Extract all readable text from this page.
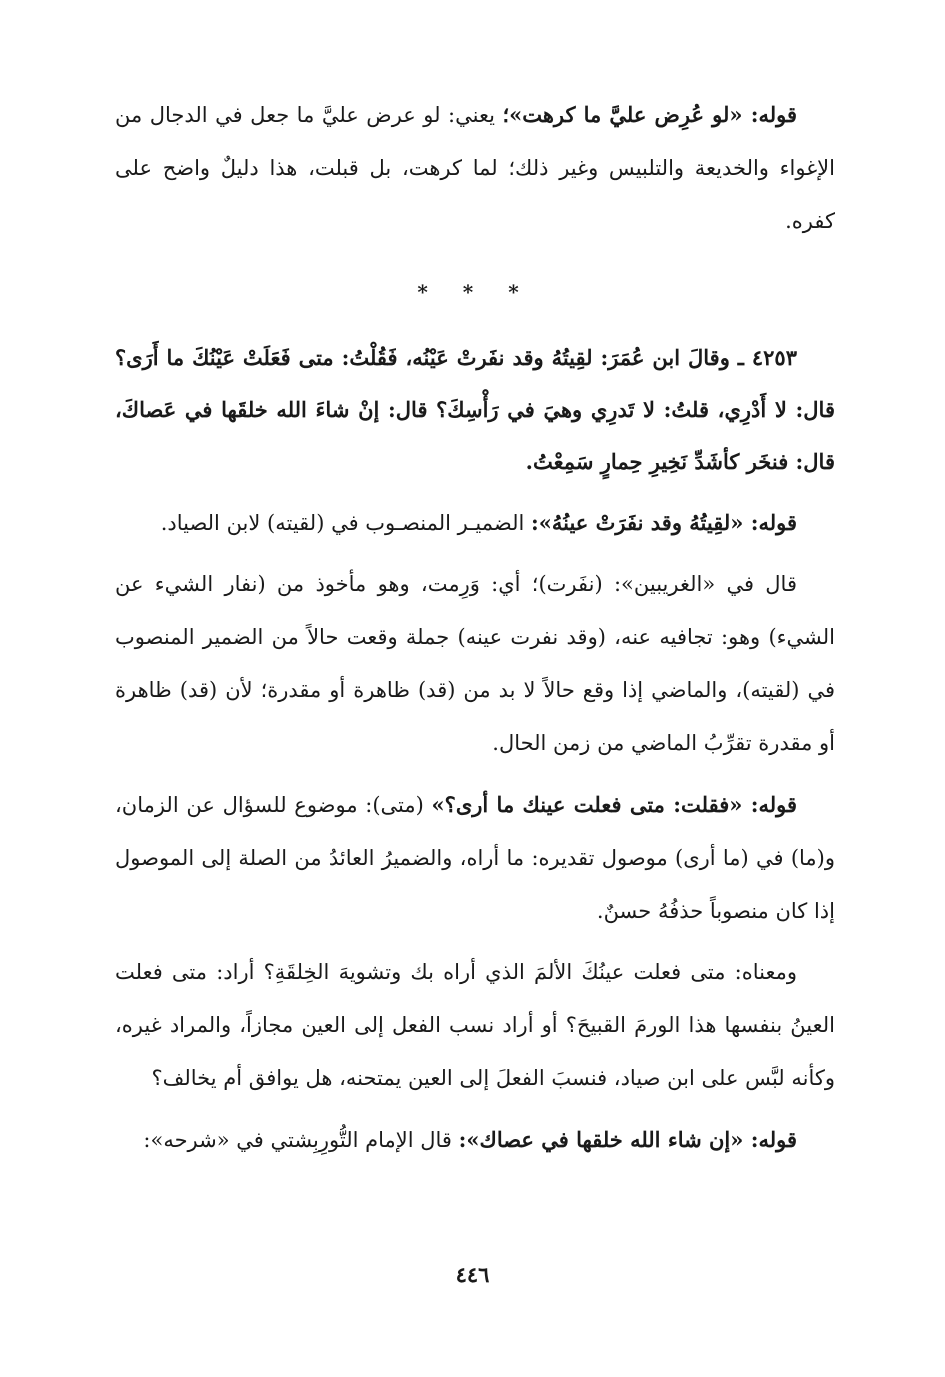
قوله: «لو عُرِض عليَّ ما كرهت»؛ يعني: لو عرض عليَّ ما جعل في الدجال من الإغواء والخديعة والتلبيس وغير ذلك؛ لما كرهت، بل قبلت، هذا دليلٌ واضح على كفره.

* * *

٤٢٥٣ ـ وقالَ ابن عُمَرَ: لقِيتُهُ وقد نفَرتْ عَيْنُه، فَقُلْتُ: متى فَعَلَتْ عَيْنُكَ ما أَرَى؟ قال: لا أَدْرِي، قلتُ: لا تَدرِي وهيَ في رَأْسِكَ؟ قال: إنْ شاءَ الله خلقَها في عَصاكَ، قال: فنخَر كأشَدِّ نَخِيرِ حِمارٍ سَمِعْتُ.

قوله: «لقِيتُهُ وقد نفَرَتْ عينُهُ»: الضميـر المنصـوب في (لقيته) لابن الصياد.

قال في «الغريبين»: (نفَرت)؛ أي: وَرِمت، وهو مأخوذ من (نفار الشيء عن الشيء) وهو: تجافيه عنه، (وقد نفرت عينه) جملة وقعت حالاً من الضمير المنصوب في (لقيته)، والماضي إذا وقع حالاً لا بد من (قد) ظاهرة أو مقدرة؛ لأن (قد) ظاهرة أو مقدرة تقرِّبُ الماضي من زمن الحال.

قوله: «فقلت: متى فعلت عينك ما أرى؟» (متى): موضوع للسؤال عن الزمان، و(ما) في (ما أرى) موصول تقديره: ما أراه، والضميرُ العائدُ من الصلة إلى الموصول إذا كان منصوباً حذفُهُ حسنٌ.

ومعناه: متى فعلت عينُكَ الألمَ الذي أراه بك وتشويهَ الخِلقَةِ؟ أراد: متى فعلت العينُ بنفسها هذا الورمَ القبيحَ؟ أو أراد نسب الفعل إلى العين مجازاً، والمراد غيره، وكأنه لبَّس على ابن صياد، فنسبَ الفعلَ إلى العين يمتحنه، هل يوافق أم يخالف؟

قوله: «إن شاء الله خلقها في عصاك»: قال الإمام التُّورِبِشتي في «شرحه»:

٤٤٦
